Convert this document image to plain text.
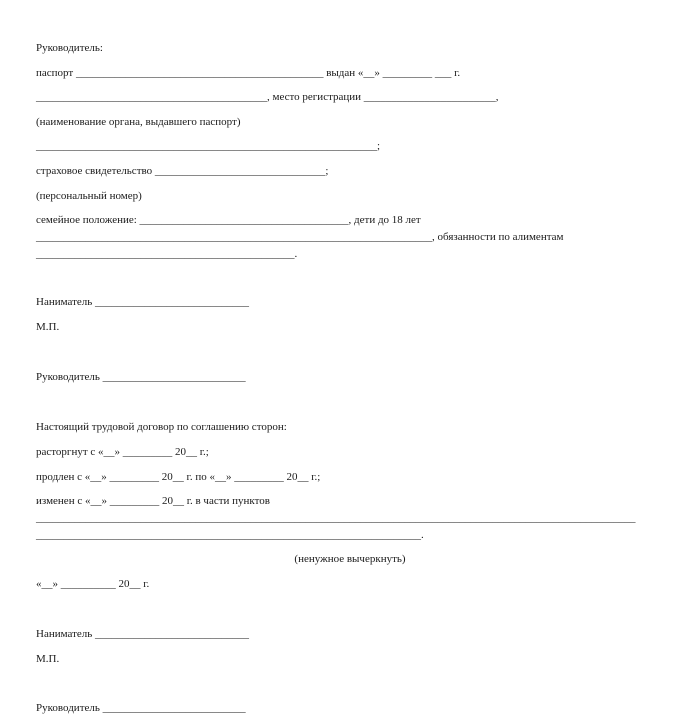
Руководитель:
паспорт _____________________________________________ выдан «__» _________ ___ г.
__________________________________________, место регистрации ________________________,
(наименование органа, выдавшего паспорт)
______________________________________________________________;
страховое свидетельство _______________________________;
(персональный номер)
семейное положение: ______________________________________, дети до 18 лет
________________________________________________________________________, обязанности по алиментам
_______________________________________________.
Наниматель ____________________________
М.П.
Руководитель __________________________
Настоящий трудовой договор по соглашению сторон:
расторгнут с «__» _________ 20__ г.;
продлен с «__» _________ 20__ г. по «__» _________ 20__ г.;
изменен с «__» _________ 20__ г. в части пунктов
_____________________________________________________________________________________________________________
______________________________________________________________________.
(ненужное вычеркнуть)
«__» __________ 20__ г.
Наниматель ____________________________
М.П.
Руководитель __________________________
